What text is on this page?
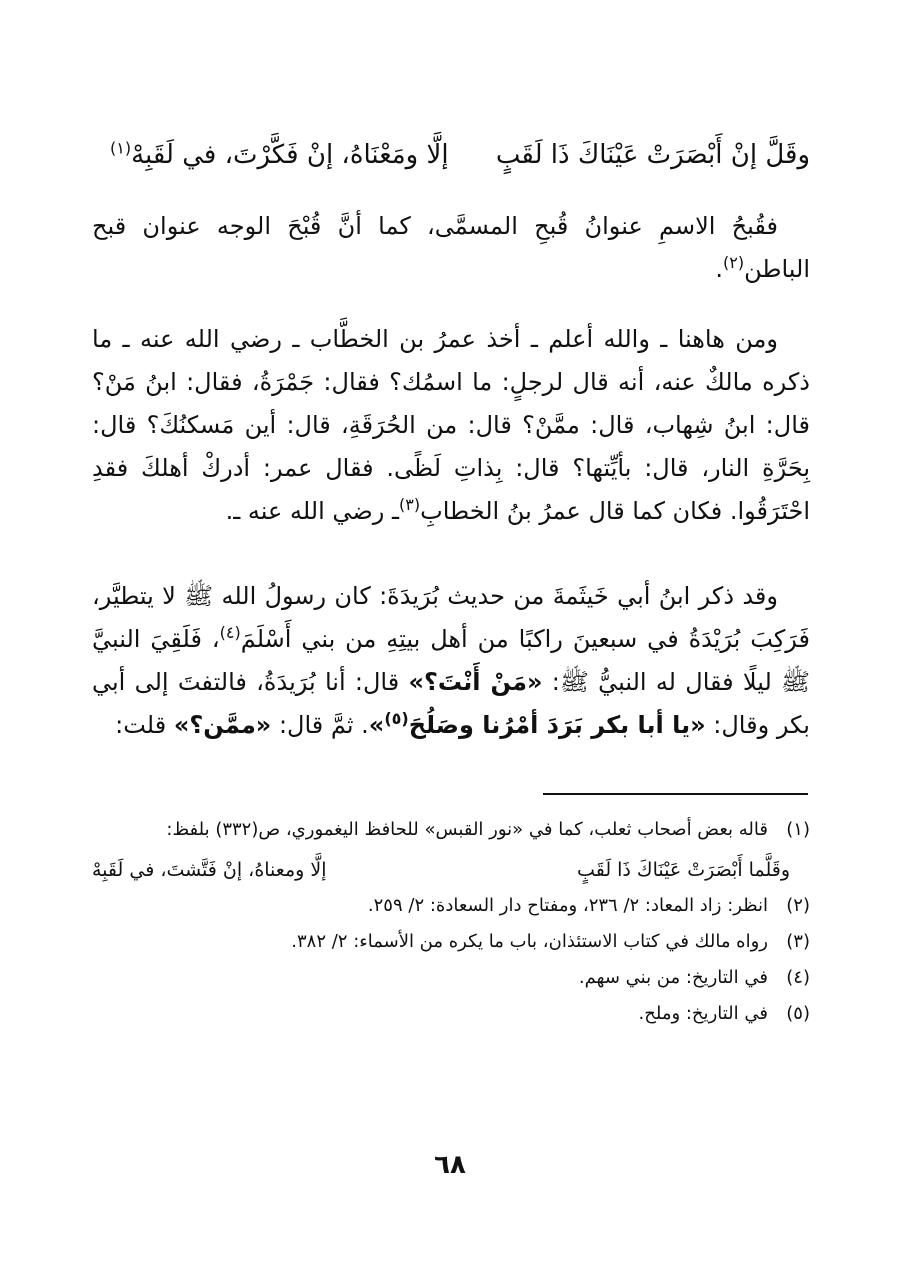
وقَلَّ إنْ أَبْصَرَتْ عَيْنَاكَ ذَا لَقَبٍ
إلَّا ومَعْنَاهُ، إنْ فَكَّرْتَ، في لَقَبِهْ$^{(١)}$

فقُبحُ الاسمِ عنوانُ قُبحِ المسمَّى، كما أنَّ قُبْحَ الوجه عنوان قبح الباطن$^{(٢)}$.

ومن هاهنا ـ والله أعلم ـ أخذ عمرُ بن الخطَّاب ـ رضي الله عنه ـ ما ذكره مالكٌ عنه، أنه قال لرجلٍ: ما اسمُك؟ فقال: جَمْرَةُ، فقال: ابنُ مَنْ؟ قال: ابنُ شِهاب، قال: ممَّنْ؟ قال: من الحُرَقَةِ، قال: أين مَسكنُكَ؟ قال: بِحَرَّةِ النار، قال: بأيِّتها؟ قال: بِذاتِ لَظًى. فقال عمر: أدركْ أهلكَ فقدِ احْتَرَقُوا. فكان كما قال عمرُ بنُ الخطابِ$^{(٣)}$ـ رضي الله عنه ـ.

وقد ذكر ابنُ أبي خَيثَمةَ من حديث بُرَيدَةَ: كان رسولُ الله ﷺ لا يتطيَّر، فَرَكِبَ بُرَيْدَةُ في سبعينَ راكبًا من أهل بيتِهِ من بني أَسْلَمَ$^{(٤)}$، فَلَقِيَ النبيَّ ﷺ ليلًا فقال له النبيُّ ﷺ: «مَنْ أَنْتَ؟» قال: أنا بُرَيدَةُ، فالتفتَ إلى أبي بكر وقال: «يا أبا بكر بَرَدَ أمْرُنا وصَلُحَ$^{(٥)}$». ثمَّ قال: «ممَّن؟» قلت:

(١)
قاله بعض أصحاب ثعلب، كما في «نور القبس» للحافظ اليغموري، ص(٣٣٢) بلفظ:
وقَلَّما أَبْصَرَتْ عَيْنَاكَ ذَا لَقَبٍ
إلَّا ومعناهُ، إنْ فَتَّشتَ، في لَقَبِهْ
(٢)
انظر: زاد المعاد: ٢/ ٢٣٦، ومفتاح دار السعادة: ٢/ ٢٥٩.
(٣)
رواه مالك في كتاب الاستئذان، باب ما يكره من الأسماء: ٢/ ٣٨٢.
(٤)
في التاريخ: من بني سهم.
(٥)
في التاريخ: وملح.
٦٨
